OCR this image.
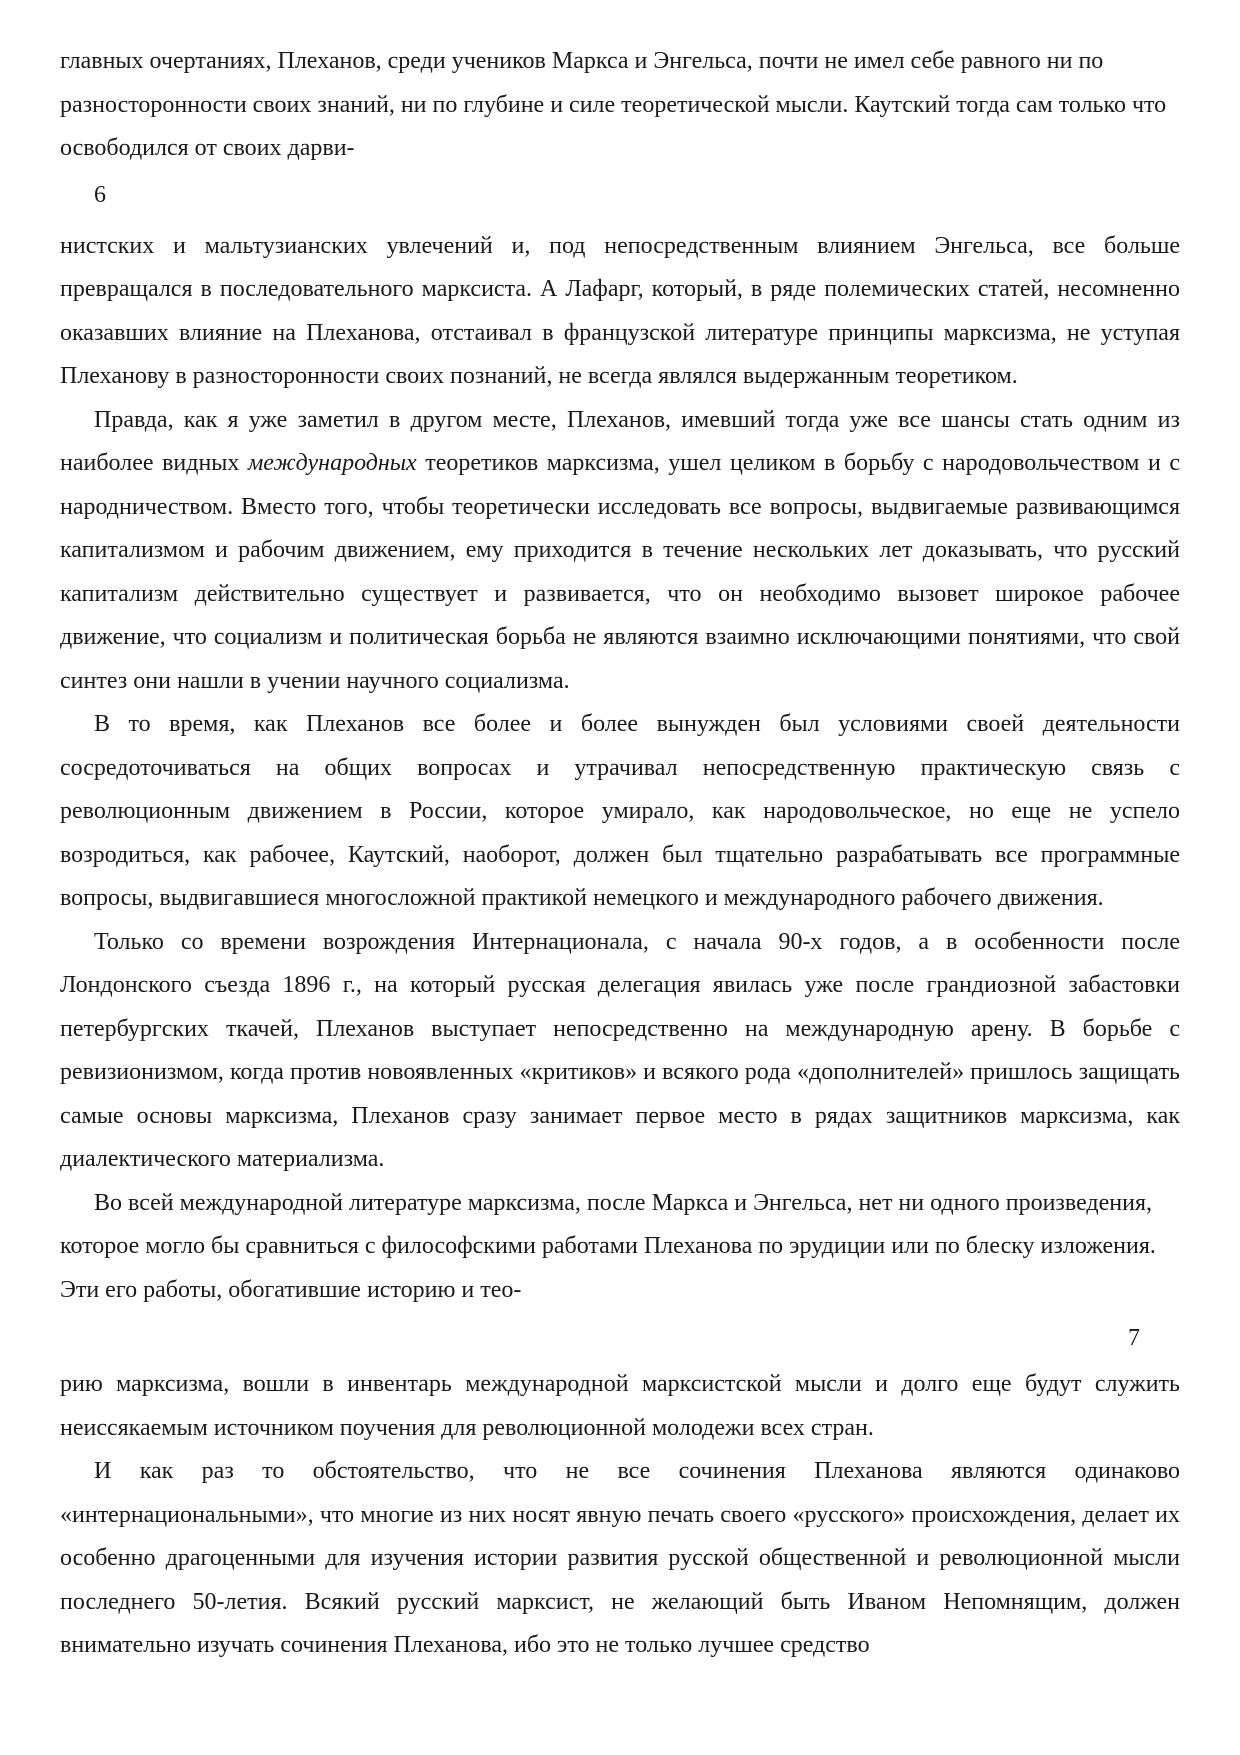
главных очертаниях, Плеханов, среди учеников Маркса и Энгельса, почти не имел себе равного ни по разносторонности своих знаний, ни по глубине и силе теоретической мысли. Каутский тогда сам только что освободился от своих дарви-

6

нистских и мальтузианских увлечений и, под непосредственным влиянием Энгельса, все больше превращался в последовательного марксиста. А Лафарг, который, в ряде полемических статей, несомненно оказавших влияние на Плеханова, отстаивал в французской литературе принципы марксизма, не уступая Плеханову в разносторонности своих познаний, не всегда являлся выдержанным теоретиком.

Правда, как я уже заметил в другом месте, Плеханов, имевший тогда уже все шансы стать одним из наиболее видных международных теоретиков марксизма, ушел целиком в борьбу с народовольчеством и с народничеством. Вместо того, чтобы теоретически исследовать все вопросы, выдвигаемые развивающимся капитализмом и рабочим движением, ему приходится в течение нескольких лет доказывать, что русский капитализм действительно существует и развивается, что он необходимо вызовет широкое рабочее движение, что социализм и политическая борьба не являются взаимно исключающими понятиями, что свой синтез они нашли в учении научного социализма.

В то время, как Плеханов все более и более вынужден был условиями своей деятельности сосредоточиваться на общих вопросах и утрачивал непосредственную практическую связь с революционным движением в России, которое умирало, как народовольческое, но еще не успело возродиться, как рабочее, Каутский, наоборот, должен был тщательно разрабатывать все программные вопросы, выдвигавшиеся многосложной практикой немецкого и международного рабочего движения.

Только со времени возрождения Интернационала, с начала 90-х годов, а в особенности после Лондонского съезда 1896 г., на который русская делегация явилась уже после грандиозной забастовки петербургских ткачей, Плеханов выступает непосредственно на международную арену. В борьбе с ревизионизмом, когда против новоявленных «критиков» и всякого рода «дополнителей» пришлось защищать самые основы марксизма, Плеханов сразу занимает первое место в рядах защитников марксизма, как диалектического материализма.

Во всей международной литературе марксизма, после Маркса и Энгельса, нет ни одного произведения, которое могло бы сравниться с философскими работами Плеханова по эрудиции или по блеску изложения. Эти его работы, обогатившие историю и тео-

7

рию марксизма, вошли в инвентарь международной марксистской мысли и долго еще будут служить неиссякаемым источником поучения для революционной молодежи всех стран.

И как раз то обстоятельство, что не все сочинения Плеханова являются одинаково «интернациональными», что многие из них носят явную печать своего «русского» происхождения, делает их особенно драгоценными для изучения истории развития русской общественной и революционной мысли последнего 50-летия. Всякий русский марксист, не желающий быть Иваном Непомнящим, должен внимательно изучать сочинения Плеханова, ибо это не только лучшее средство
